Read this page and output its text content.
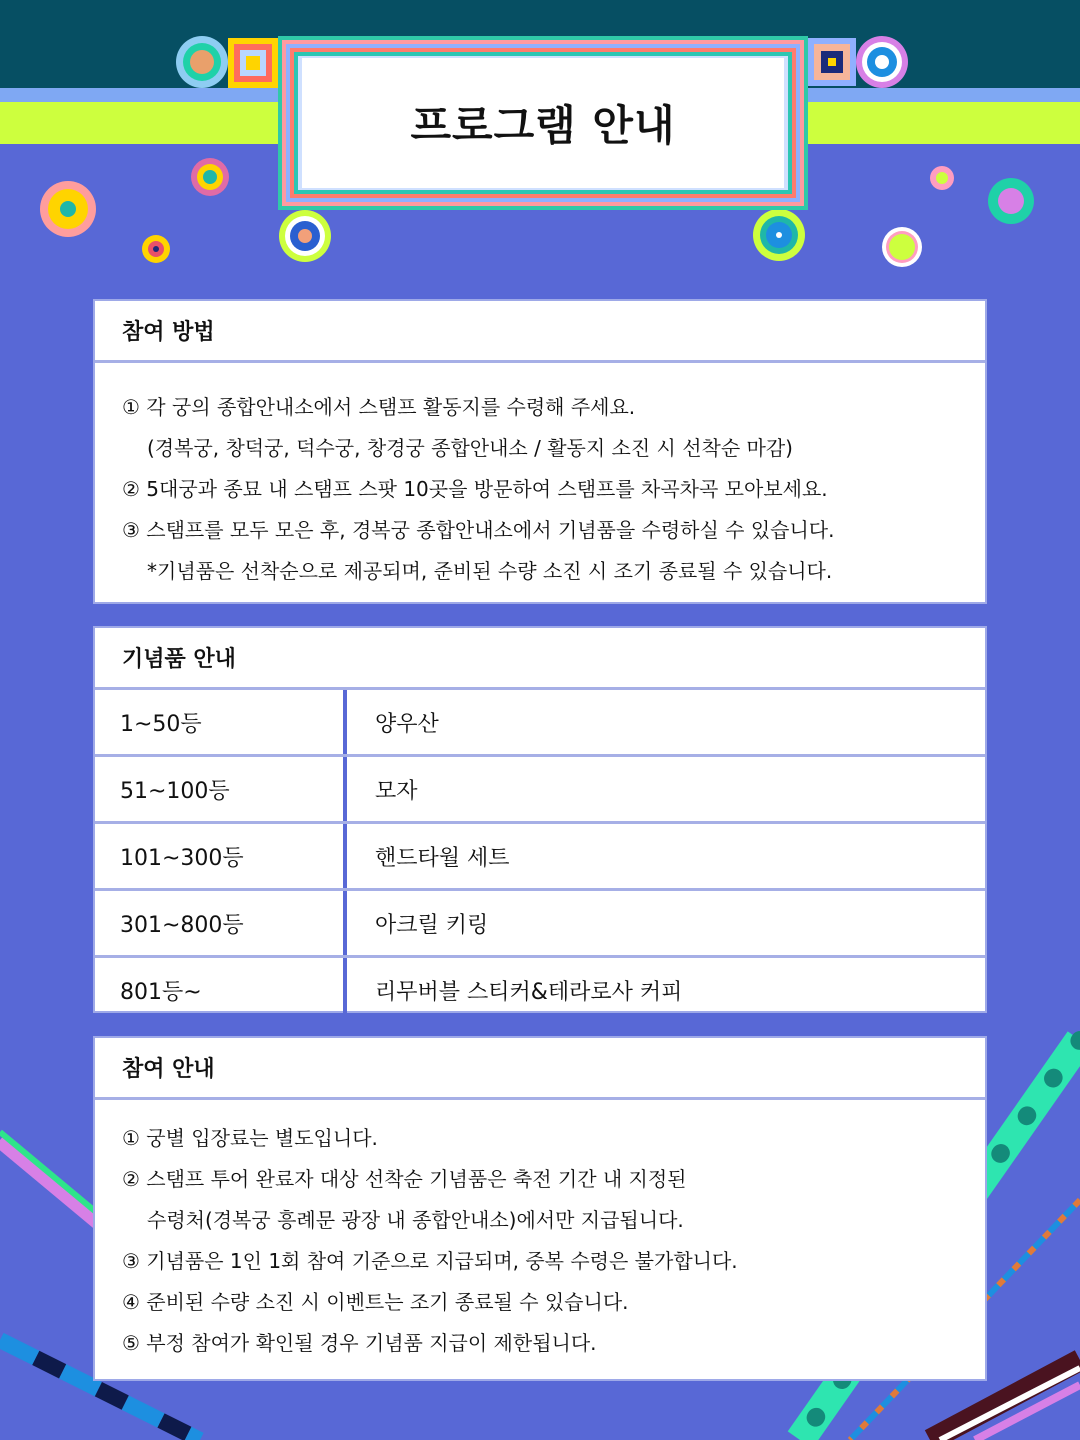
프로그램 안내
참여 방법
① 각 궁의 종합안내소에서 스탬프 활동지를 수령해 주세요.
(경복궁, 창덕궁, 덕수궁, 창경궁 종합안내소 / 활동지 소진 시 선착순 마감)
② 5대궁과 종묘 내 스탬프 스팟 10곳을 방문하여 스탬프를 차곡차곡 모아보세요.
③ 스탬프를 모두 모은 후, 경복궁 종합안내소에서 기념품을 수령하실 수 있습니다.
*기념품은 선착순으로 제공되며, 준비된 수량 소진 시 조기 종료될 수 있습니다.
기념품 안내
1~50등	양우산
51~100등	모자
101~300등	핸드타월 세트
301~800등	아크릴 키링
801등~	리무버블 스티커&테라로사 커피
참여 안내
① 궁별 입장료는 별도입니다.
② 스탬프 투어 완료자 대상 선착순 기념품은 축전 기간 내 지정된
수령처(경복궁 흥례문 광장 내 종합안내소)에서만 지급됩니다.
③ 기념품은 1인 1회 참여 기준으로 지급되며, 중복 수령은 불가합니다.
④ 준비된 수량 소진 시 이벤트는 조기 종료될 수 있습니다.
⑤ 부정 참여가 확인될 경우 기념품 지급이 제한됩니다.
